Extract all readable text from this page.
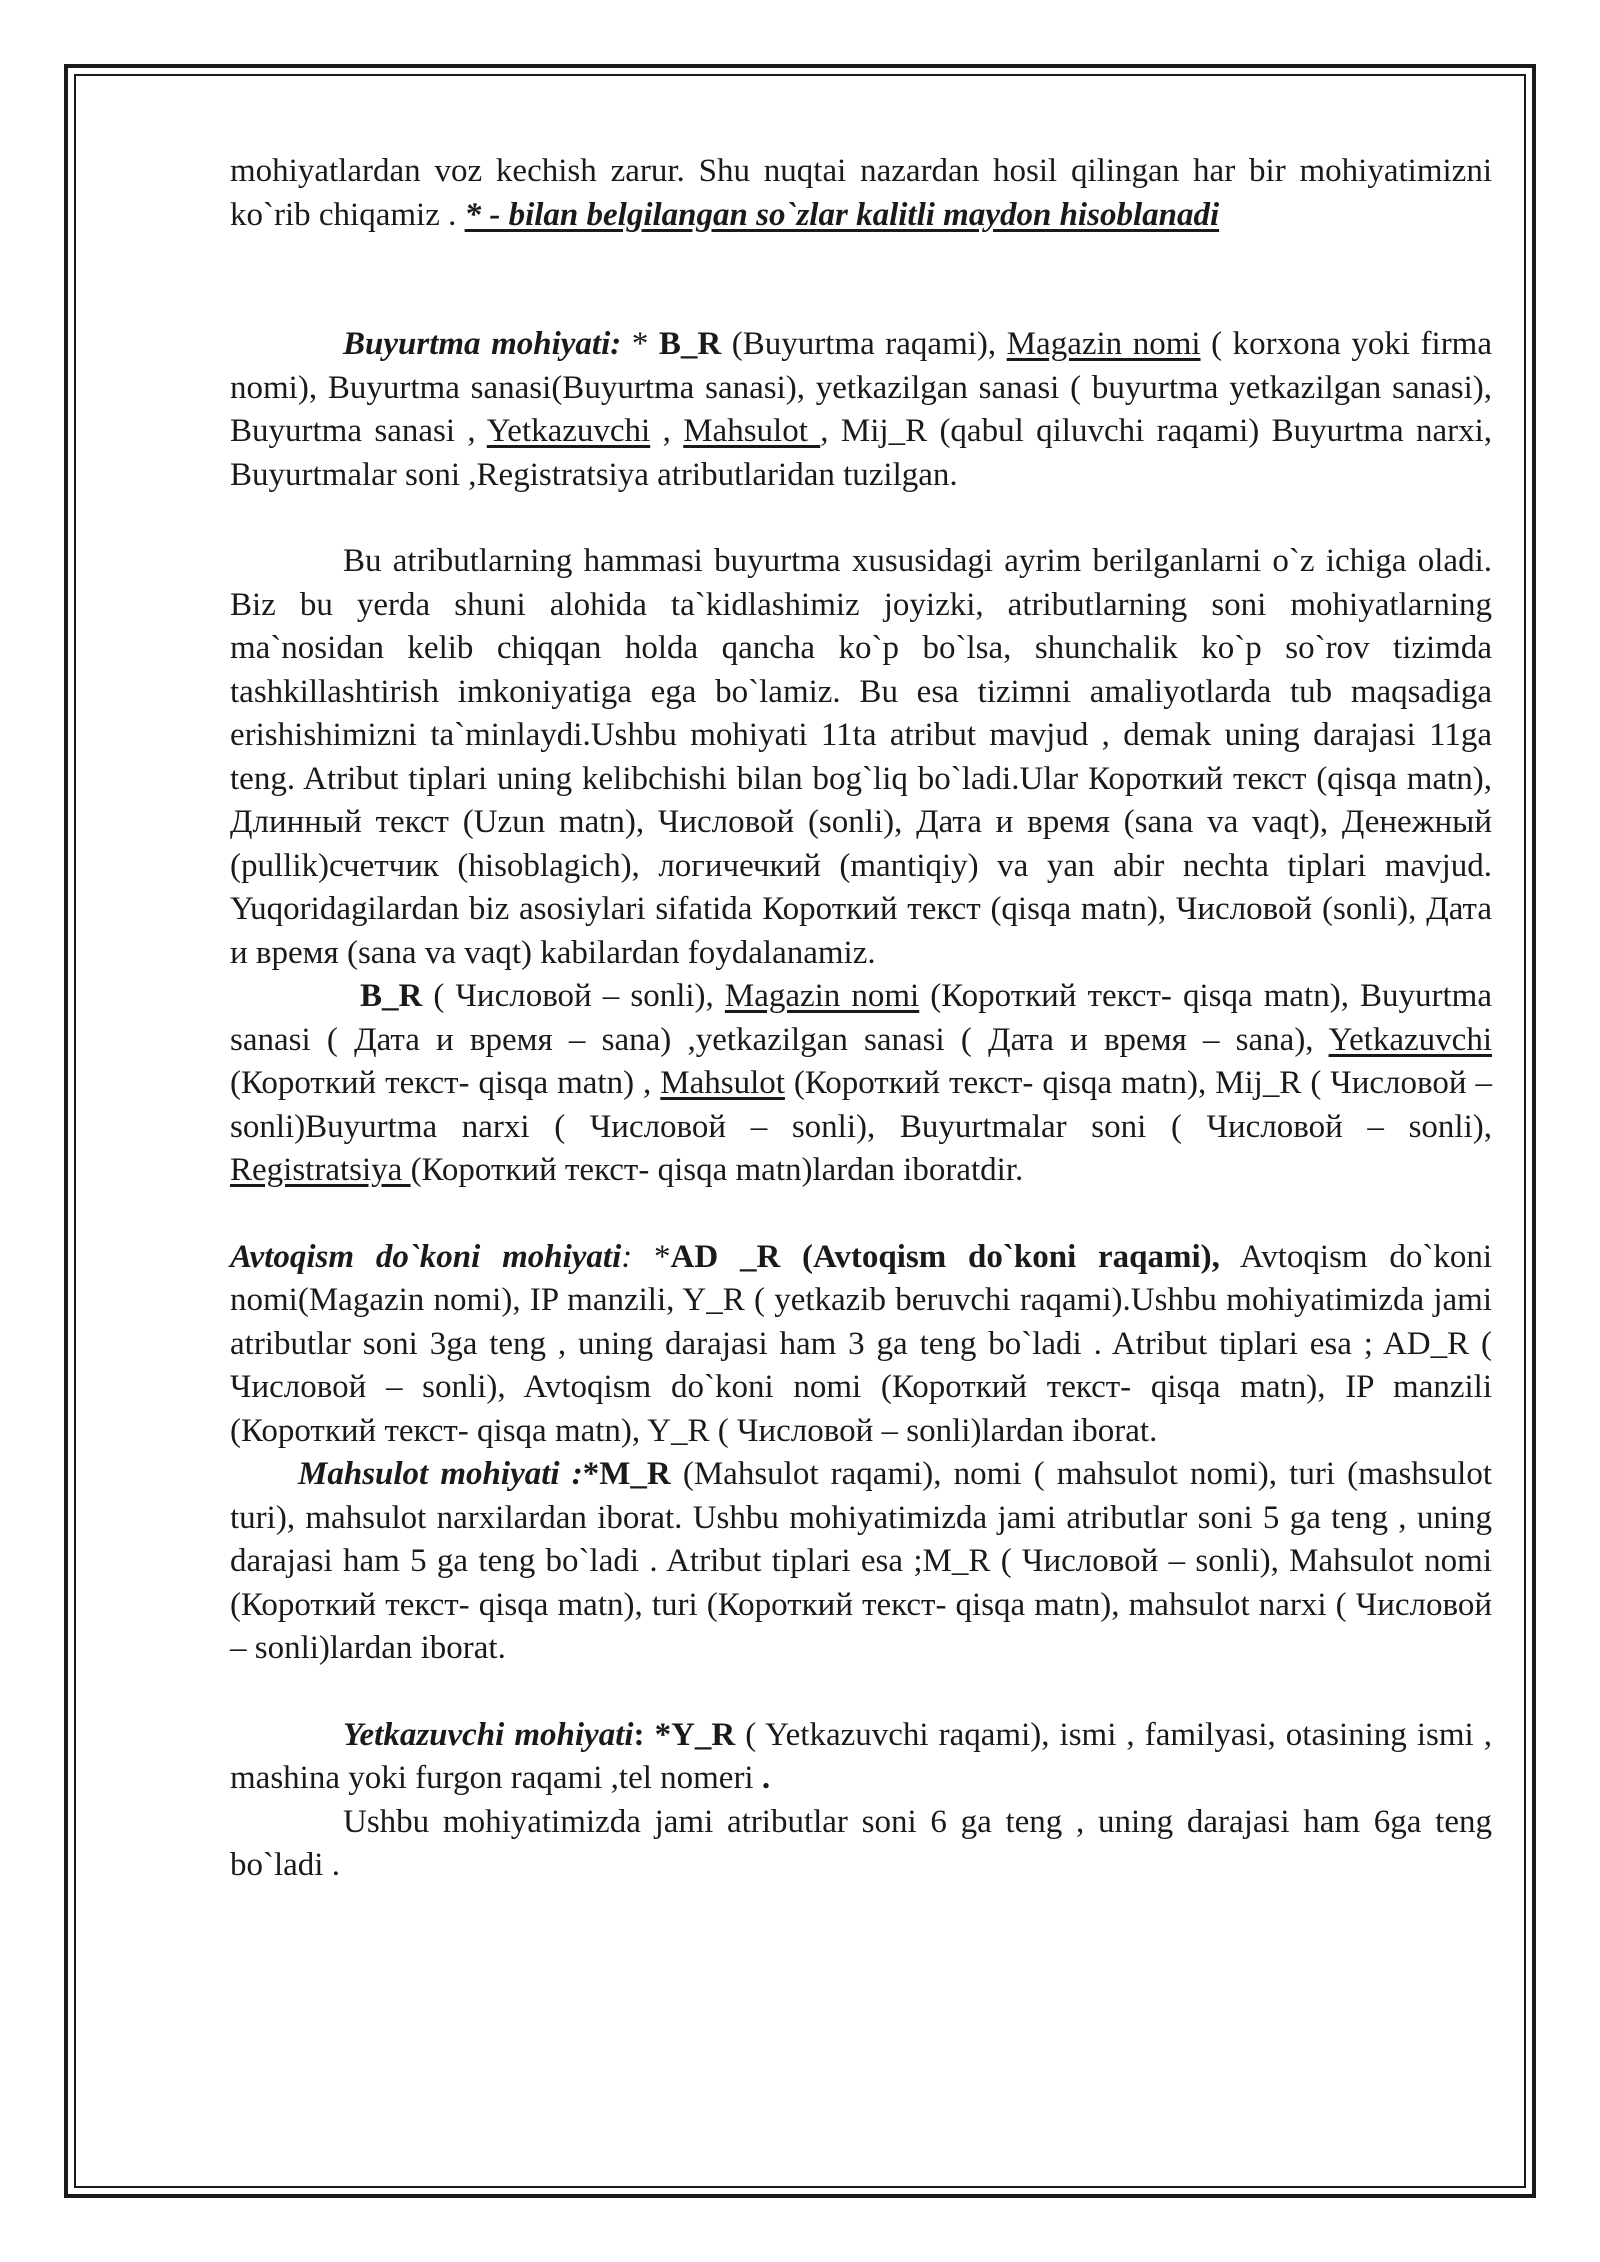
mohiyatlardan voz kechish zarur. Shu nuqtai nazardan hosil qilingan har bir mohiyatimizni ko`rib chiqamiz . * - bilan belgilangan so`zlar kalitli maydon hisoblanadi

Buyurtma mohiyati: * B_R (Buyurtma raqami), Magazin nomi ( korxona yoki firma nomi), Buyurtma sanasi(Buyurtma sanasi), yetkazilgan sanasi ( buyurtma yetkazilgan sanasi), Buyurtma sanasi , Yetkazuvchi , Mahsulot , Mij_R (qabul qiluvchi raqami) Buyurtma narxi, Buyurtmalar soni ,Registratsiya atributlaridan tuzilgan.

Bu atributlarning hammasi buyurtma xususidagi ayrim berilganlarni o`z ichiga oladi. Biz bu yerda shuni alohida ta`kidlashimiz joyizki, atributlarning soni mohiyatlarning ma`nosidan kelib chiqqan holda qancha ko`p bo`lsa, shunchalik ko`p so`rov tizimda tashkillashtirish imkoniyatiga ega bo`lamiz. Bu esa tizimni amaliyotlarda tub maqsadiga erishishimizni ta`minlaydi.Ushbu mohiyati 11ta atribut mavjud , demak uning darajasi 11ga teng. Atribut tiplari uning kelibchishi bilan bog`liq bo`ladi.Ular Короткий текст (qisqa matn), Длинный текст (Uzun matn), Числовой (sonli), Дата и время (sana va vaqt), Денежный (pullik)счетчик (hisoblagich), логичечкий (mantiqiy) va yan abir nechta tiplari mavjud. Yuqoridagilardan biz asosiylari sifatida Короткий текст (qisqa matn), Числовой (sonli), Дата и время (sana va vaqt) kabilardan foydalanamiz.

B_R ( Числовой – sonli), Magazin nomi (Короткий текст- qisqa matn), Buyurtma sanasi ( Дата и время – sana) ,yetkazilgan sanasi ( Дата и время – sana), Yetkazuvchi (Короткий текст- qisqa matn) , Mahsulot (Короткий текст- qisqa matn), Mij_R ( Числовой – sonli)Buyurtma narxi ( Числовой – sonli), Buyurtmalar soni ( Числовой – sonli), Registratsiya (Короткий текст- qisqa matn)lardan iboratdir.

Avtoqism do`koni mohiyati: *AD _R (Avtoqism do`koni raqami), Avtoqism do`koni nomi(Magazin nomi), IP manzili, Y_R ( yetkazib beruvchi raqami).Ushbu mohiyatimizda jami atributlar soni 3ga teng , uning darajasi ham 3 ga teng bo`ladi . Atribut tiplari esa ; AD_R ( Числовой – sonli), Avtoqism do`koni nomi (Короткий текст- qisqa matn), IP manzili (Короткий текст- qisqa matn), Y_R ( Числовой – sonli)lardan iborat.

Mahsulot mohiyati :*M_R (Mahsulot raqami), nomi ( mahsulot nomi), turi (mashsulot turi), mahsulot narxilardan iborat. Ushbu mohiyatimizda jami atributlar soni 5 ga teng , uning darajasi ham 5 ga teng bo`ladi . Atribut tiplari esa ;M_R ( Числовой – sonli), Mahsulot nomi (Короткий текст- qisqa matn), turi (Короткий текст- qisqa matn), mahsulot narxi ( Числовой – sonli)lardan iborat.

Yetkazuvchi mohiyati: *Y_R ( Yetkazuvchi raqami), ismi , familyasi, otasining ismi , mashina yoki furgon raqami ,tel nomeri .

Ushbu mohiyatimizda jami atributlar soni 6 ga teng , uning darajasi ham 6ga teng bo`ladi .
